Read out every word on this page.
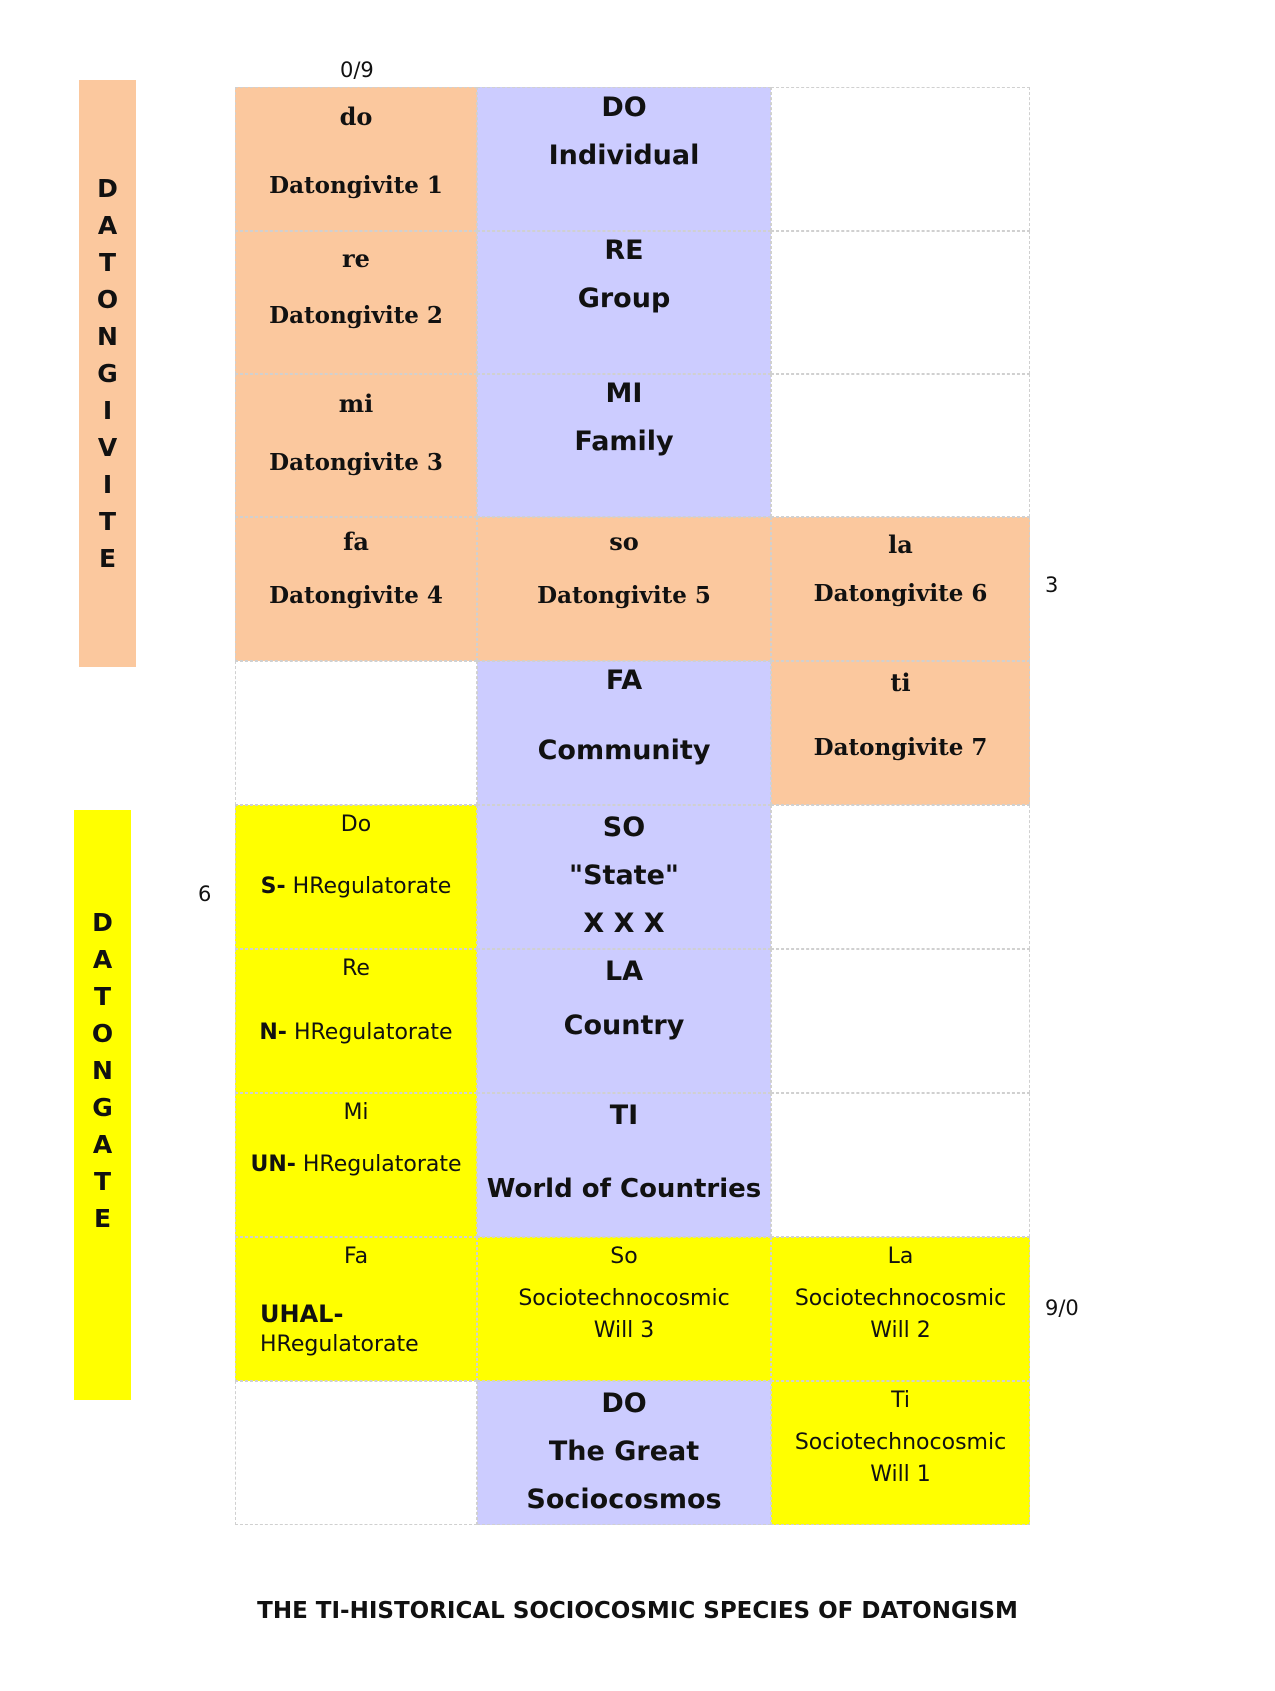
D
A
T
O
N
G
I
V
I
T
E
D
A
T
O
N
G
A
T
E
0/9
3
6
9/0
do
Datongivite 1
DO
Individual
re
Datongivite 2
RE
Group
mi
Datongivite 3
MI
Family
fa
Datongivite 4
so
Datongivite 5
la
Datongivite 6
FA
Community
ti
Datongivite 7
Do
S- HRegulatorate
SO
"State"
X X X
Re
N- HRegulatorate
LA
Country
Mi
UN- HRegulatorate
TI
World of Countries
Fa
UHAL-
HRegulatorate
So
Sociotechnocosmic
Will 3
La
Sociotechnocosmic
Will 2
DO
The Great
Sociocosmos
Ti
Sociotechnocosmic
Will 1
THE TI-HISTORICAL SOCIOCOSMIC SPECIES OF DATONGISM
